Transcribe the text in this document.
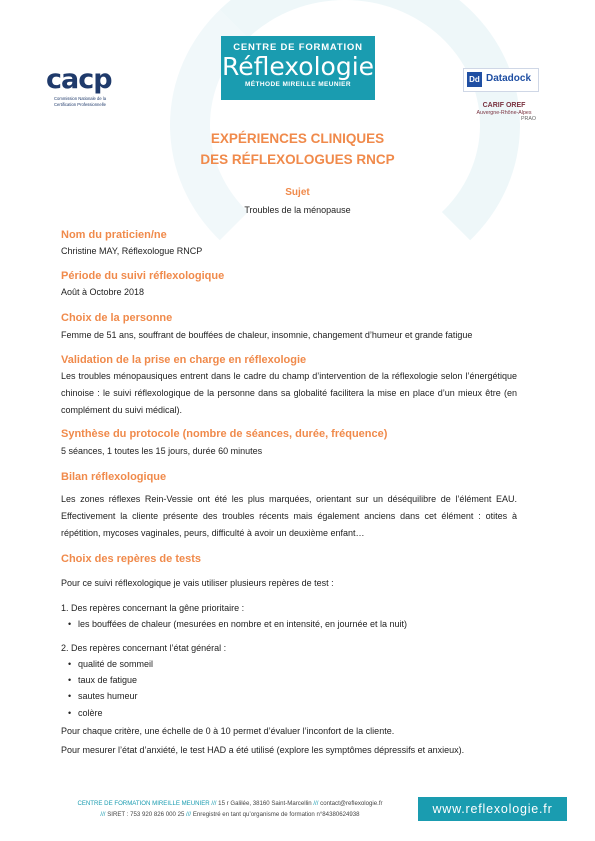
cacp
Commission Nationale de la Certification Professionnelle
CENTRE DE FORMATION
Réflexologie
MÉTHODE MIREILLE MEUNIER
Dd Datadock
CARIF OREF
Auvergne-Rhône-Alpes
PRAO
EXPÉRIENCES CLINIQUES
DES RÉFLEXOLOGUES RNCP
Sujet
Troubles de la ménopause
Nom du praticien/ne
Christine MAY, Réflexologue RNCP
Période du suivi réflexologique
Août à Octobre 2018
Choix de la personne
Femme de 51 ans, souffrant de bouffées de chaleur, insomnie, changement d’humeur et grande fatigue
Validation de la prise en charge en réflexologie
Les troubles ménopausiques entrent dans le cadre du champ d’intervention de la réflexologie selon l’énergétique chinoise : le suivi réflexologique de la personne dans sa globalité facilitera la mise en place d’un mieux être (en complément du suivi médical).
Synthèse du protocole (nombre de séances, durée, fréquence)
5 séances, 1 toutes les 15 jours, durée 60 minutes
Bilan réflexologique
Les zones réflexes Rein-Vessie ont été les plus marquées, orientant sur un déséquilibre de l’élément EAU. Effectivement la cliente présente des troubles récents mais également anciens dans cet élément : otites à répétition, mycoses vaginales, peurs, difficulté à avoir un deuxième enfant…
Choix des repères de tests
Pour ce suivi réflexologique je vais utiliser plusieurs repères de test :
1. Des repères concernant la gêne prioritaire :
• les bouffées de chaleur (mesurées en nombre et en intensité, en journée et la nuit)
2. Des repères concernant l’état général :
• qualité de sommeil
• taux de fatigue
• sautes humeur
• colère
Pour chaque critère, une échelle de 0 à 10 permet d’évaluer l’inconfort de la cliente.
Pour mesurer l’état d’anxiété, le test HAD a été utilisé (explore les symptômes dépressifs et anxieux).
CENTRE DE FORMATION MIREILLE MEUNIER /// 15 r Galilée, 38160 Saint-Marcellin /// contact@reflexologie.fr
/// SIRET : 753 920 826 000 25 /// Enregistré en tant qu’organisme de formation n°84380624938	www.reflexologie.fr
